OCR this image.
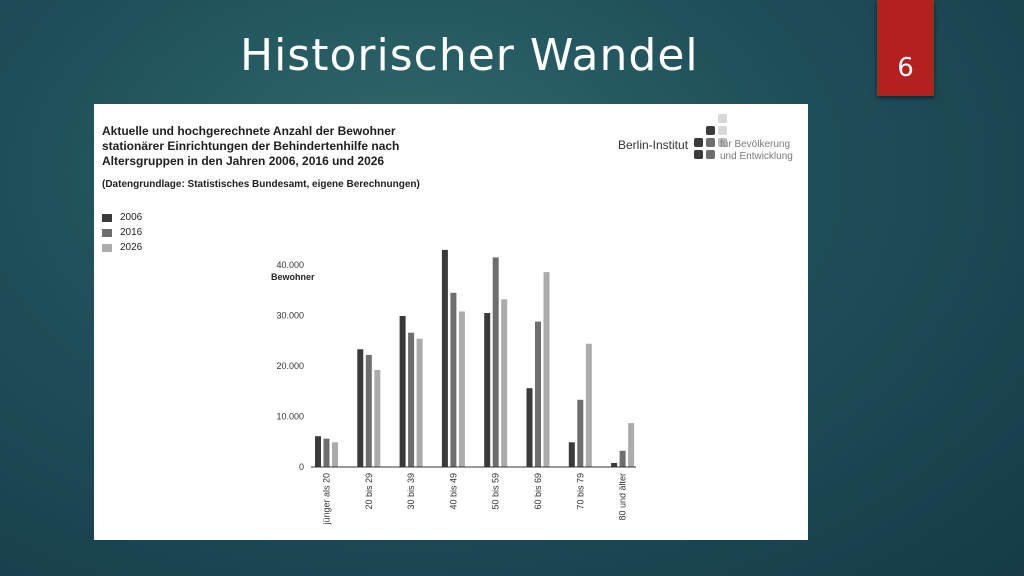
Historischer Wandel	6
Aktuelle und hochgerechnete Anzahl der Bewohner stationärer Einrichtungen der Behindertenhilfe nach Altersgruppen in den Jahren 2006, 2016 und 2026
(Datengrundlage: Statistisches Bundesamt, eigene Berechnungen)
2006
2016
2026
Berlin-Institut	für Bevölkerung
und Entwicklung
Bewohner
0
10.000
20.000
30.000
40.000
jünger als 20	20 bis 29	30 bis 39	40 bis 49	50 bis 59	60 bis 69	70 bis 79	80 und älter
